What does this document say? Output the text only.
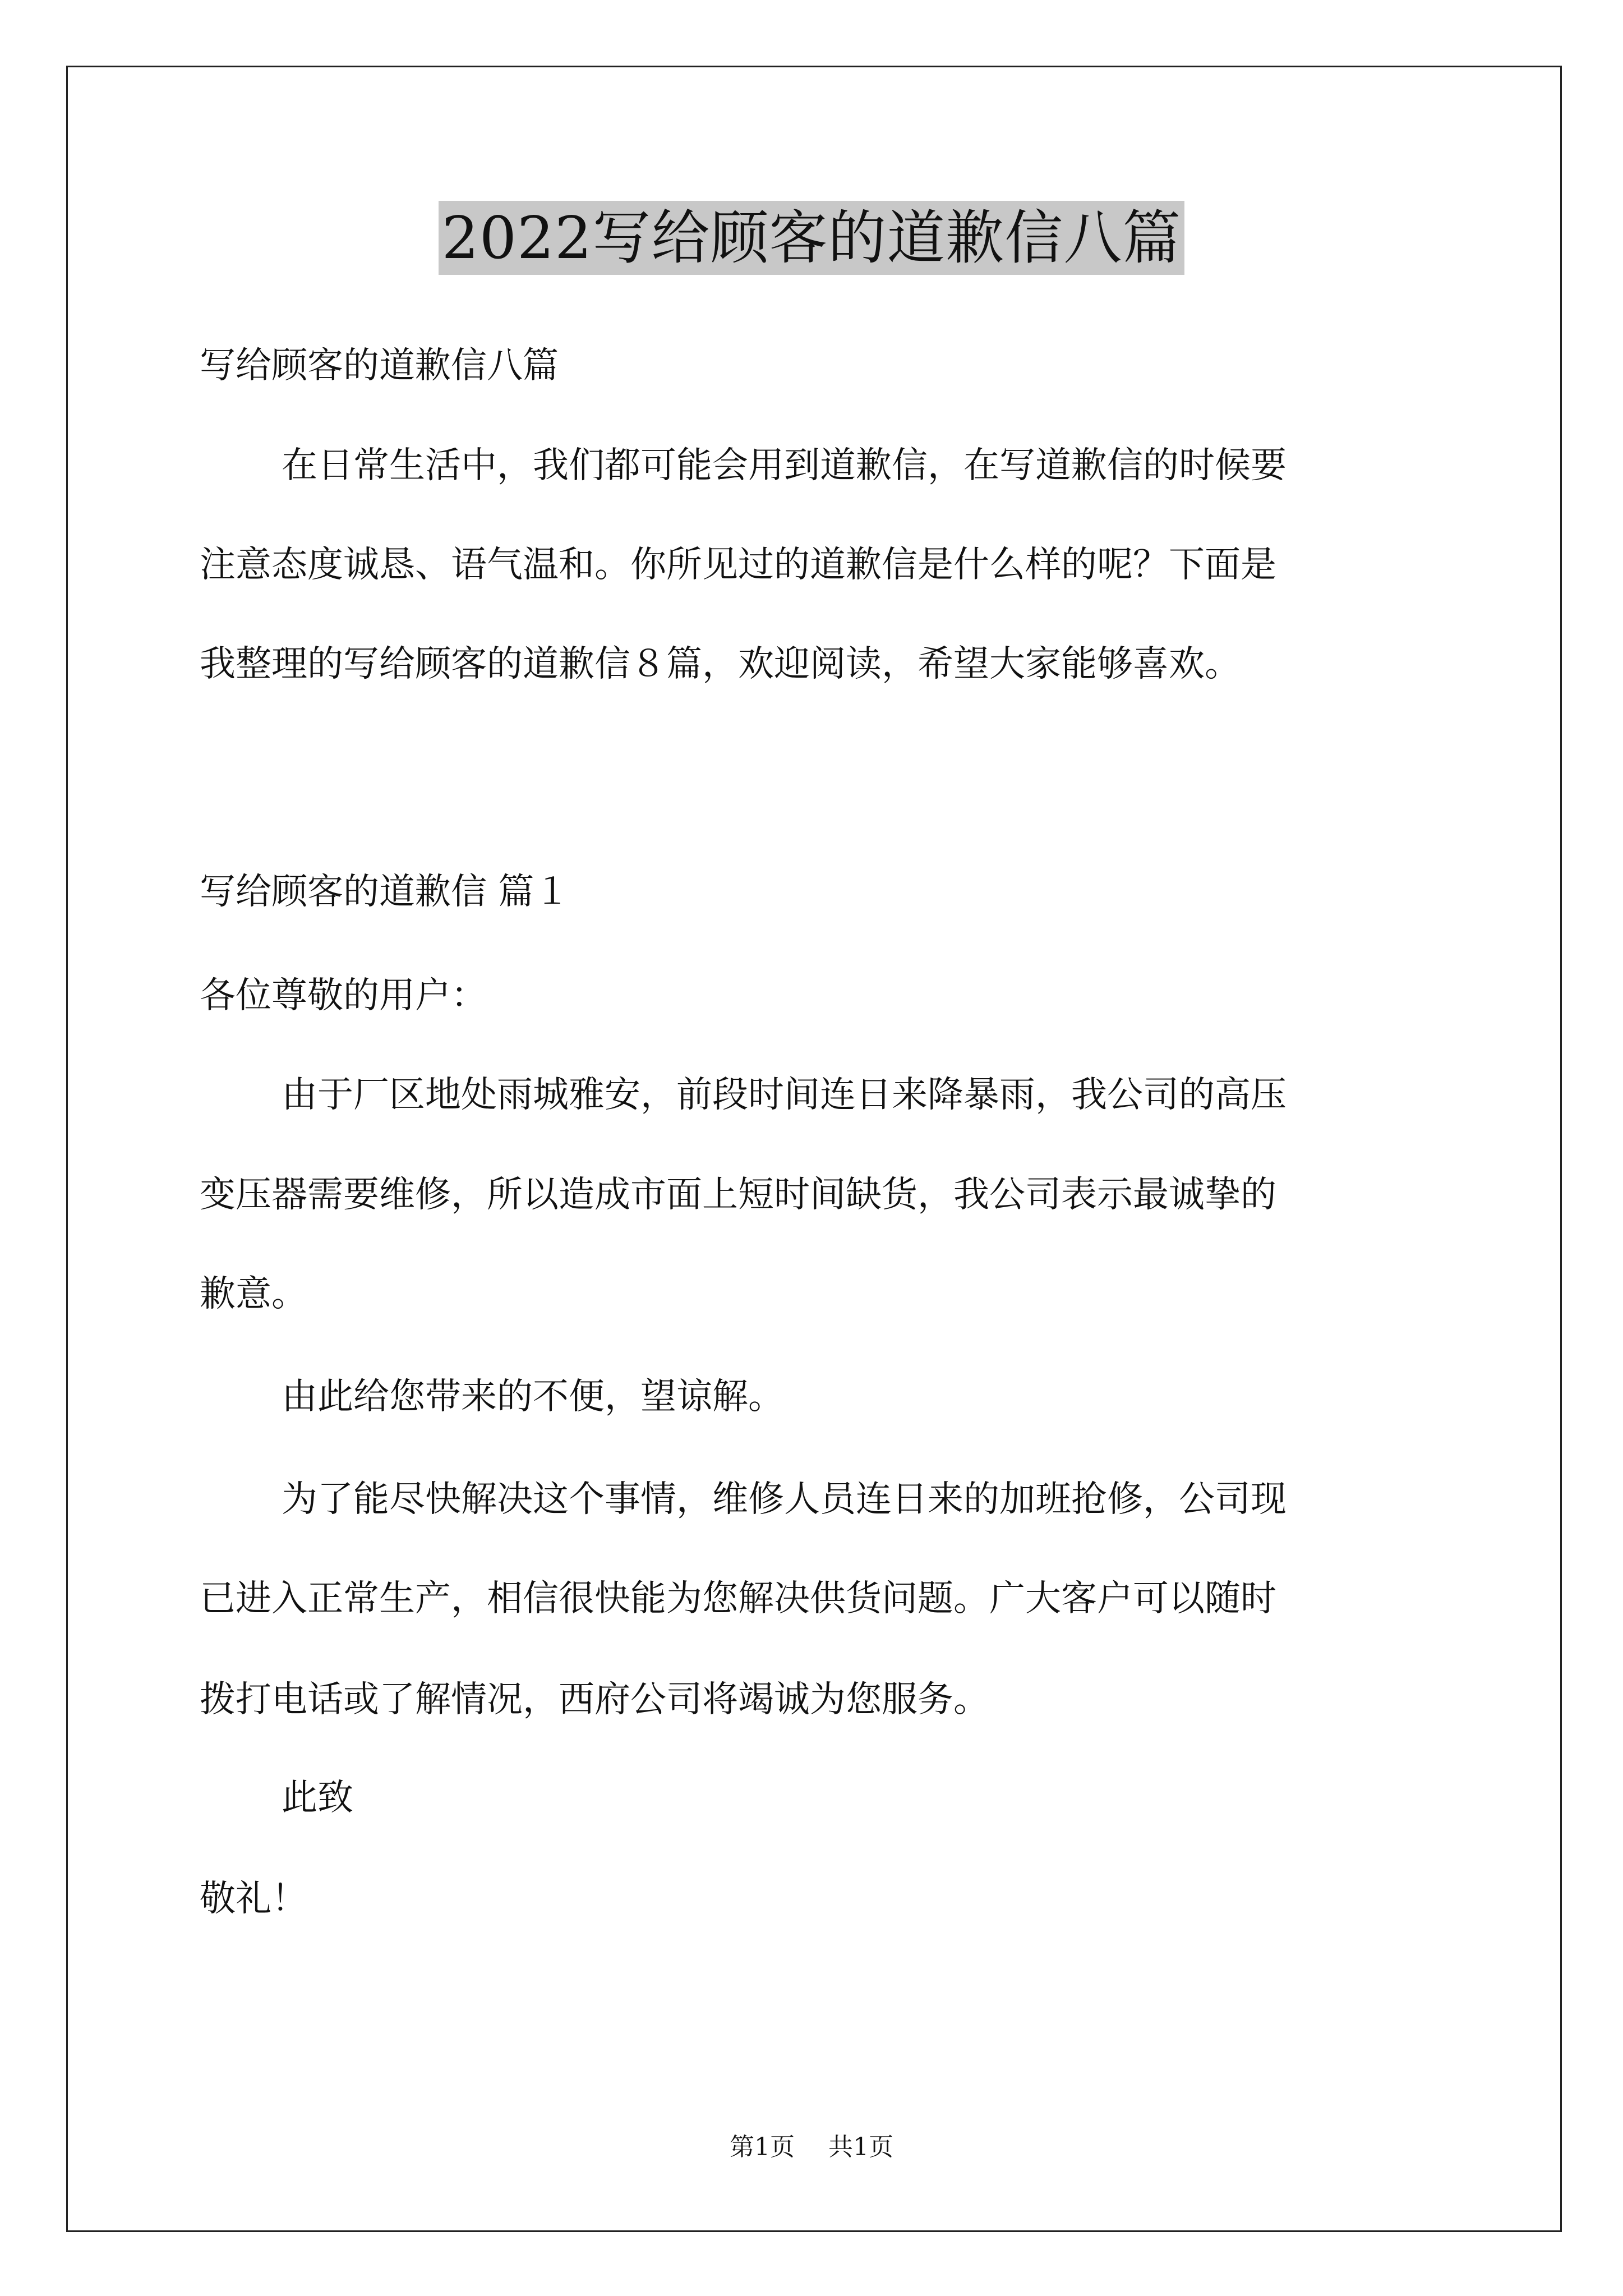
2022写给顾客的道歉信八篇
写给顾客的道歉信八篇
在日常生活中，我们都可能会用到道歉信，在写道歉信的时候要
注意态度诚恳、语气温和。你所见过的道歉信是什么样的呢？下面是
我整理的写给顾客的道歉信８篇，欢迎阅读，希望大家能够喜欢。
写给顾客的道歉信 篇１
各位尊敬的用户：
由于厂区地处雨城雅安，前段时间连日来降暴雨，我公司的高压
变压器需要维修，所以造成市面上短时间缺货，我公司表示最诚挚的
歉意。
由此给您带来的不便，望谅解。
为了能尽快解决这个事情，维修人员连日来的加班抢修，公司现
已进入正常生产，相信很快能为您解决供货问题。广大客户可以随时
拨打电话或了解情况，西府公司将竭诚为您服务。
此致
敬礼！
第1页 共1页
